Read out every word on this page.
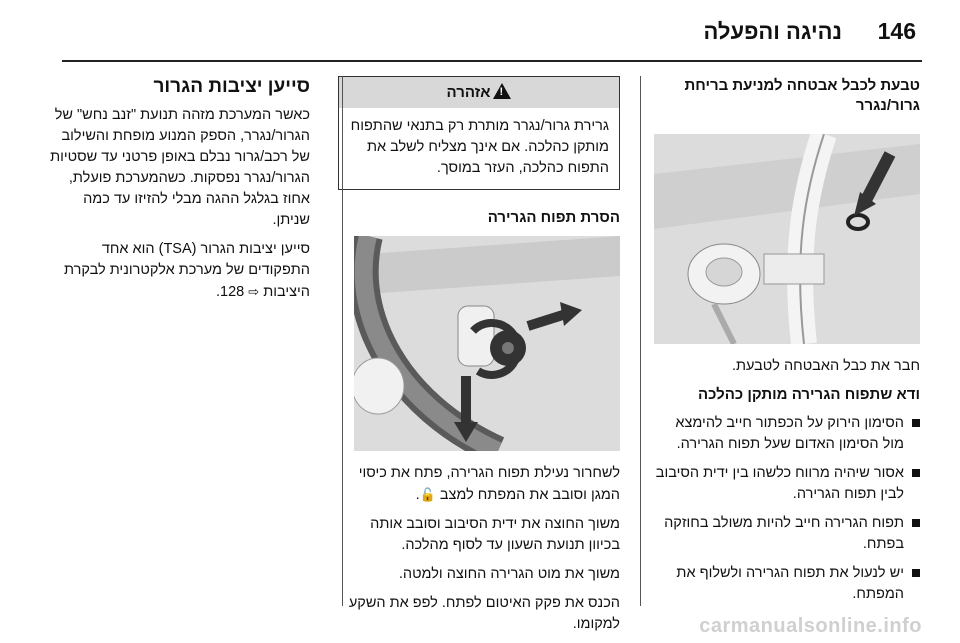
146
נהיגה והפעלה
טבעת לכבל אבטחה למניעת בריחת גרור/נגרר

חבר את כבל האבטחה לטבעת.

ודא שתפוח הגרירה מותקן כהלכה
הסימון הירוק על הכפתור חייב להימצא מול הסימון האדום שעל תפוח הגרירה.
אסור שיהיה מרווח כלשהו בין ידית הסיבוב לבין תפוח הגרירה.
תפוח הגרירה חייב להיות משולב בחוזקה בפתח.
יש לנעול את תפוח הגרירה ולשלוף את המפתח.
!אזהרה
גרירת גרור/נגרר מותרת רק בתנאי שהתפוח מותקן כהלכה. אם אינך מצליח לשלב את התפוח כהלכה, העזר במוסך.
הסרת תפוח הגרירה

לשחרור נעילת תפוח הגרירה, פתח את כיסוי המגן וסובב את המפתח למצב 🔓.

משוך החוצה את ידית הסיבוב וסובב אותה בכיוון תנועת השעון עד לסוף מהלכה.

משוך את מוט הגרירה החוצה ולמטה.

הכנס את פקק האיטום לפתח. לפפ את השקע למקומו.

סייען יציבות הגרור

כאשר המערכת מזהה תנועת "זנב נחש" של הגרור/נגרר, הספק המנוע מופחת והשילוב של רכב/גרור נבלם באופן פרטני עד שסטיות הגרור/נגרר נפסקות. כשהמערכת פועלת, אחוז בגלגל ההגה מבלי להזיזו עד כמה שניתן.

סייען יציבות הגרור (TSA) הוא אחד
התפקודים של מערכת אלקטרונית לבקרת
היציבות ⇨ 128.

carmanualsonline.info
